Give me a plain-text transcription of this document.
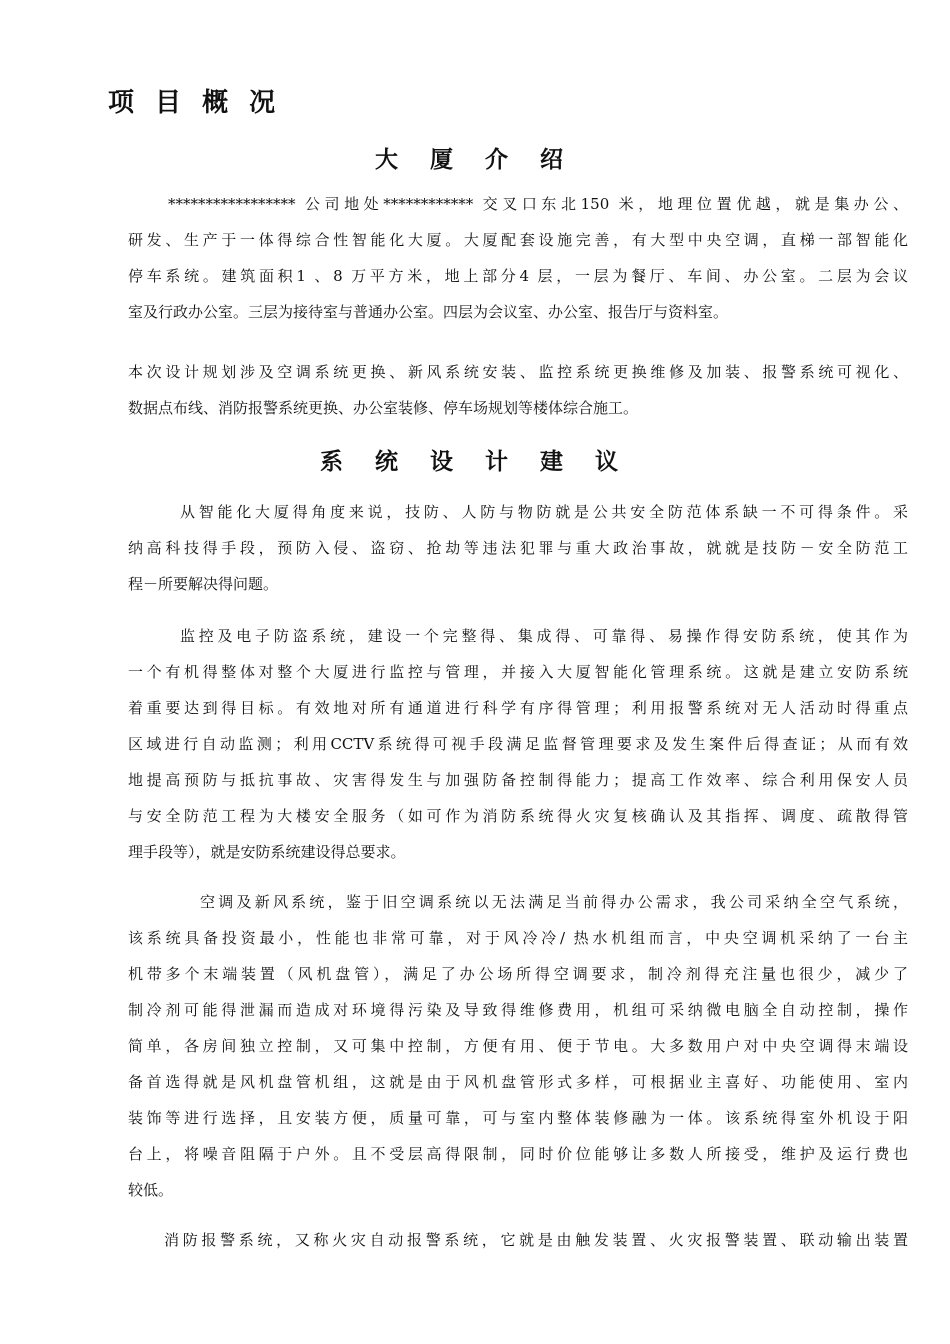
项 目 概 况
大 厦 介 绍
***************** 公司地处************ 交叉口东北150 米，地理位置优越，就是集办公、
研发、生产于一体得综合性智能化大厦。大厦配套设施完善，有大型中央空调，直梯一部智能化
停车系统。建筑面积1 、8 万平方米，地上部分4 层，一层为餐厅、车间、办公室。二层为会议
室及行政办公室。三层为接待室与普通办公室。四层为会议室、办公室、报告厅与资料室。
本次设计规划涉及空调系统更换、新风系统安装、监控系统更换维修及加装、报警系统可视化、
数据点布线、消防报警系统更换、办公室装修、停车场规划等楼体综合施工。
系 统 设 计 建 议
从智能化大厦得角度来说，技防、人防与物防就是公共安全防范体系缺一不可得条件。采
纳高科技得手段，预防入侵、盗窃、抢劫等违法犯罪与重大政治事故，就就是技防－安全防范工
程－所要解决得问题。
监控及电子防盗系统，建设一个完整得、集成得、可靠得、易操作得安防系统，使其作为
一个有机得整体对整个大厦进行监控与管理，并接入大厦智能化管理系统。这就是建立安防系统
着重要达到得目标。有效地对所有通道进行科学有序得管理；利用报警系统对无人活动时得重点
区域进行自动监测；利用CCTV系统得可视手段满足监督管理要求及发生案件后得查证；从而有效
地提高预防与抵抗事故、灾害得发生与加强防备控制得能力；提高工作效率、综合利用保安人员
与安全防范工程为大楼安全服务（如可作为消防系统得火灾复核确认及其指挥、调度、疏散得管
理手段等），就是安防系统建设得总要求。
空调及新风系统，鉴于旧空调系统以无法满足当前得办公需求，我公司采纳全空气系统，
该系统具备投资最小，性能也非常可靠，对于风冷冷/ 热水机组而言，中央空调机采纳了一台主
机带多个末端装置（风机盘管），满足了办公场所得空调要求，制冷剂得充注量也很少，减少了
制冷剂可能得泄漏而造成对环境得污染及导致得维修费用，机组可采纳微电脑全自动控制，操作
简单，各房间独立控制，又可集中控制，方便有用、便于节电。大多数用户对中央空调得末端设
备首选得就是风机盘管机组，这就是由于风机盘管形式多样，可根据业主喜好、功能使用、室内
装饰等进行选择，且安装方便，质量可靠，可与室内整体装修融为一体。该系统得室外机设于阳
台上，将噪音阻隔于户外。且不受层高得限制，同时价位能够让多数人所接受，维护及运行费也
较低。
消防报警系统，又称火灾自动报警系统，它就是由触发装置、火灾报警装置、联动输出装置
